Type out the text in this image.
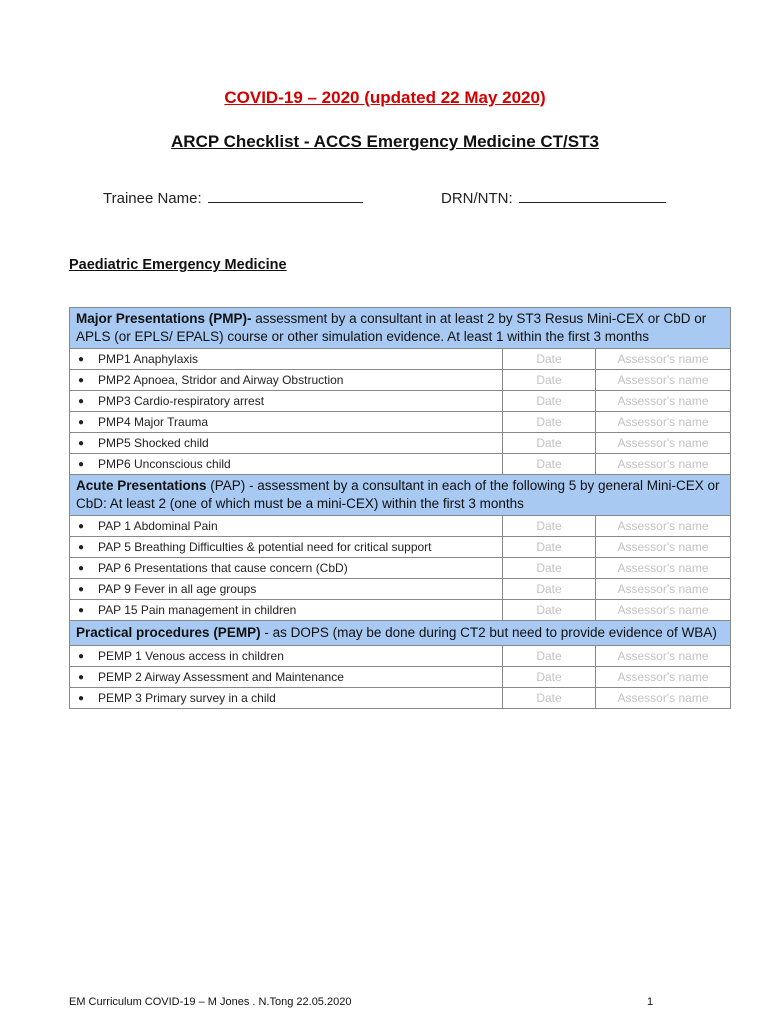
COVID-19 – 2020 (updated 22 May 2020)
ARCP Checklist - ACCS Emergency Medicine CT/ST3
Trainee Name:	DRN/NTN:
Paediatric Emergency Medicine
Major Presentations (PMP)- assessment by a consultant in at least 2 by ST3 Resus Mini-CEX or CbD or APLS (or EPLS/ EPALS) course or other simulation evidence. At least 1 within the first 3 months			
●	PMP1 Anaphylaxis	Date	Assessor's name
●	PMP2 Apnoea, Stridor and Airway Obstruction	Date	Assessor's name
●	PMP3 Cardio-respiratory arrest	Date	Assessor's name
●	PMP4 Major Trauma	Date	Assessor's name
●	PMP5 Shocked child	Date	Assessor's name
●	PMP6 Unconscious child	Date	Assessor's name
Acute Presentations (PAP) - assessment by a consultant in each of the following 5 by general Mini-CEX or CbD: At least 2 (one of which must be a mini-CEX) within the first 3 months			
●	PAP 1 Abdominal Pain	Date	Assessor's name
●	PAP 5 Breathing Difficulties & potential need for critical support	Date	Assessor's name
●	PAP 6 Presentations that cause concern (CbD)	Date	Assessor's name
●	PAP 9 Fever in all age groups	Date	Assessor's name
●	PAP 15 Pain management in children	Date	Assessor's name
Practical procedures (PEMP) - as DOPS (may be done during CT2 but need to provide evidence of WBA)			
●	PEMP 1 Venous access in children	Date	Assessor's name
●	PEMP 2 Airway Assessment and Maintenance	Date	Assessor's name
●	PEMP 3 Primary survey in a child	Date	Assessor's name
EM Curriculum COVID-19 – M Jones . N.Tong 22.05.2020	1
